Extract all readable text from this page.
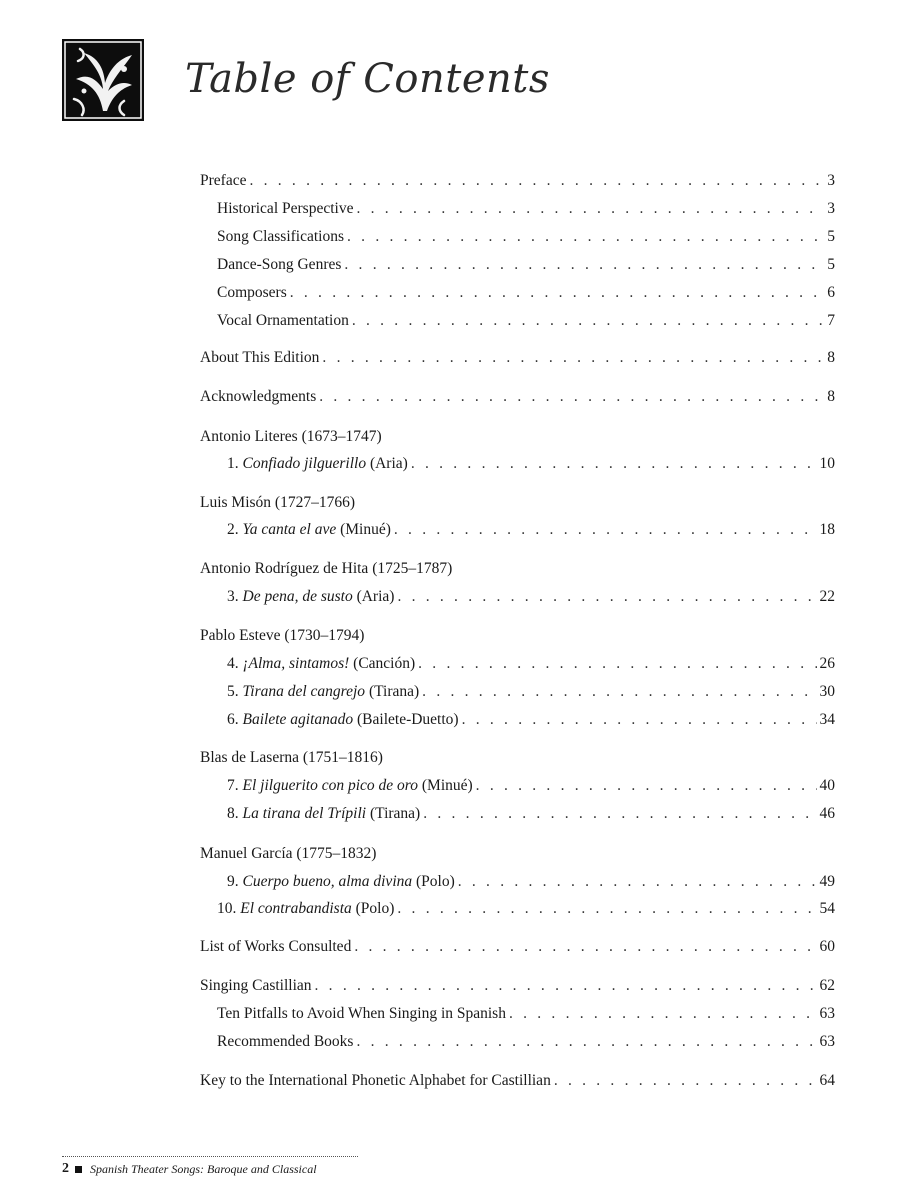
Table of Contents
Preface . . .	3
Historical Perspective . . .	3
Song Classifications . . .	5
Dance-Song Genres . . .	5
Composers . . .	6
Vocal Ornamentation . . .	7
About This Edition . . .	8
Acknowledgments . . .	8
Antonio Literes (1673–1747)
1. Confiado jilguerillo (Aria) . . .	10
Luis Misón (1727–1766)
2. Ya canta el ave (Minué) . . .	18
Antonio Rodríguez de Hita (1725–1787)
3. De pena, de susto (Aria) . . .	22
Pablo Esteve (1730–1794)
4. ¡Alma, sintamos! (Canción) . . .	26
5. Tirana del cangrejo (Tirana) . . .	30
6. Bailete agitanado (Bailete-Duetto) . . .	34
Blas de Laserna (1751–1816)
7. El jilguerito con pico de oro (Minué) . . .	40
8. La tirana del Trípili (Tirana) . . .	46
Manuel García (1775–1832)
9. Cuerpo bueno, alma divina (Polo) . . .	49
10. El contrabandista (Polo) . . .	54
List of Works Consulted . . .	60
Singing Castillian . . .	62
Ten Pitfalls to Avoid When Singing in Spanish . . .	63
Recommended Books . . .	63
Key to the International Phonetic Alphabet for Castillian . . .	64
2 Spanish Theater Songs: Baroque and Classical
